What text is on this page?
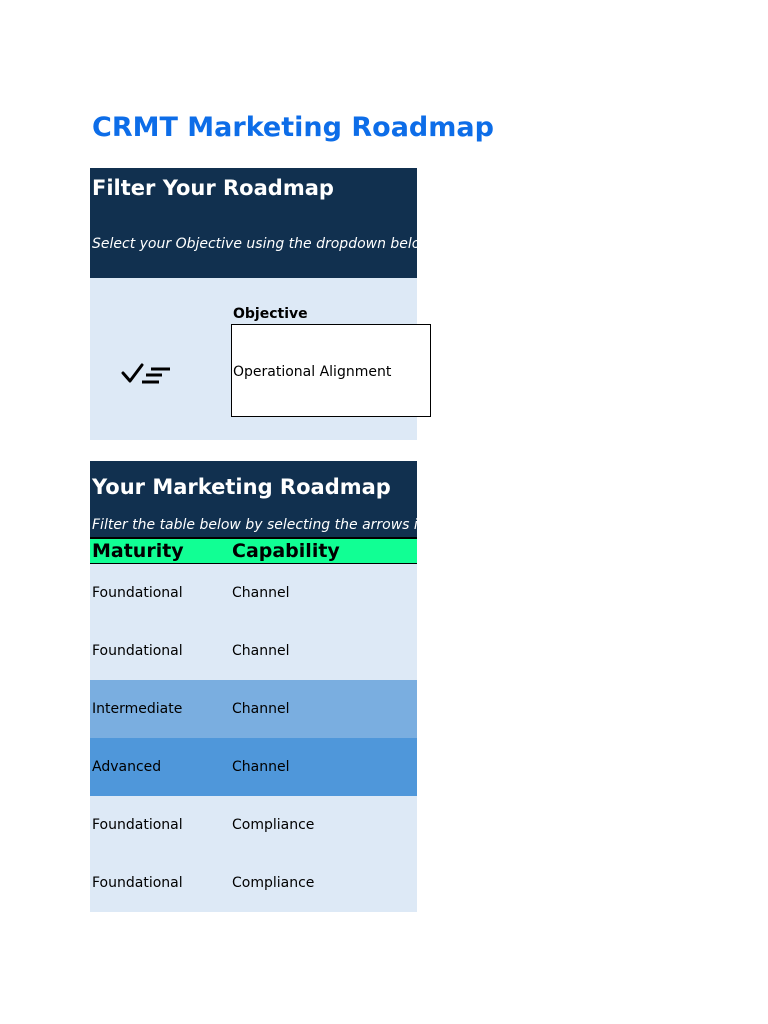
CRMT Marketing Roadmap
Filter Your Roadmap
Select your Objective using the dropdown below
Objective
Operational Alignment
Your Marketing Roadmap
Filter the table below by selecting the arrows in the column headers
Maturity	Capability
Foundational	Channel
Foundational	Channel
Intermediate	Channel
Advanced	Channel
Foundational	Compliance
Foundational	Compliance
